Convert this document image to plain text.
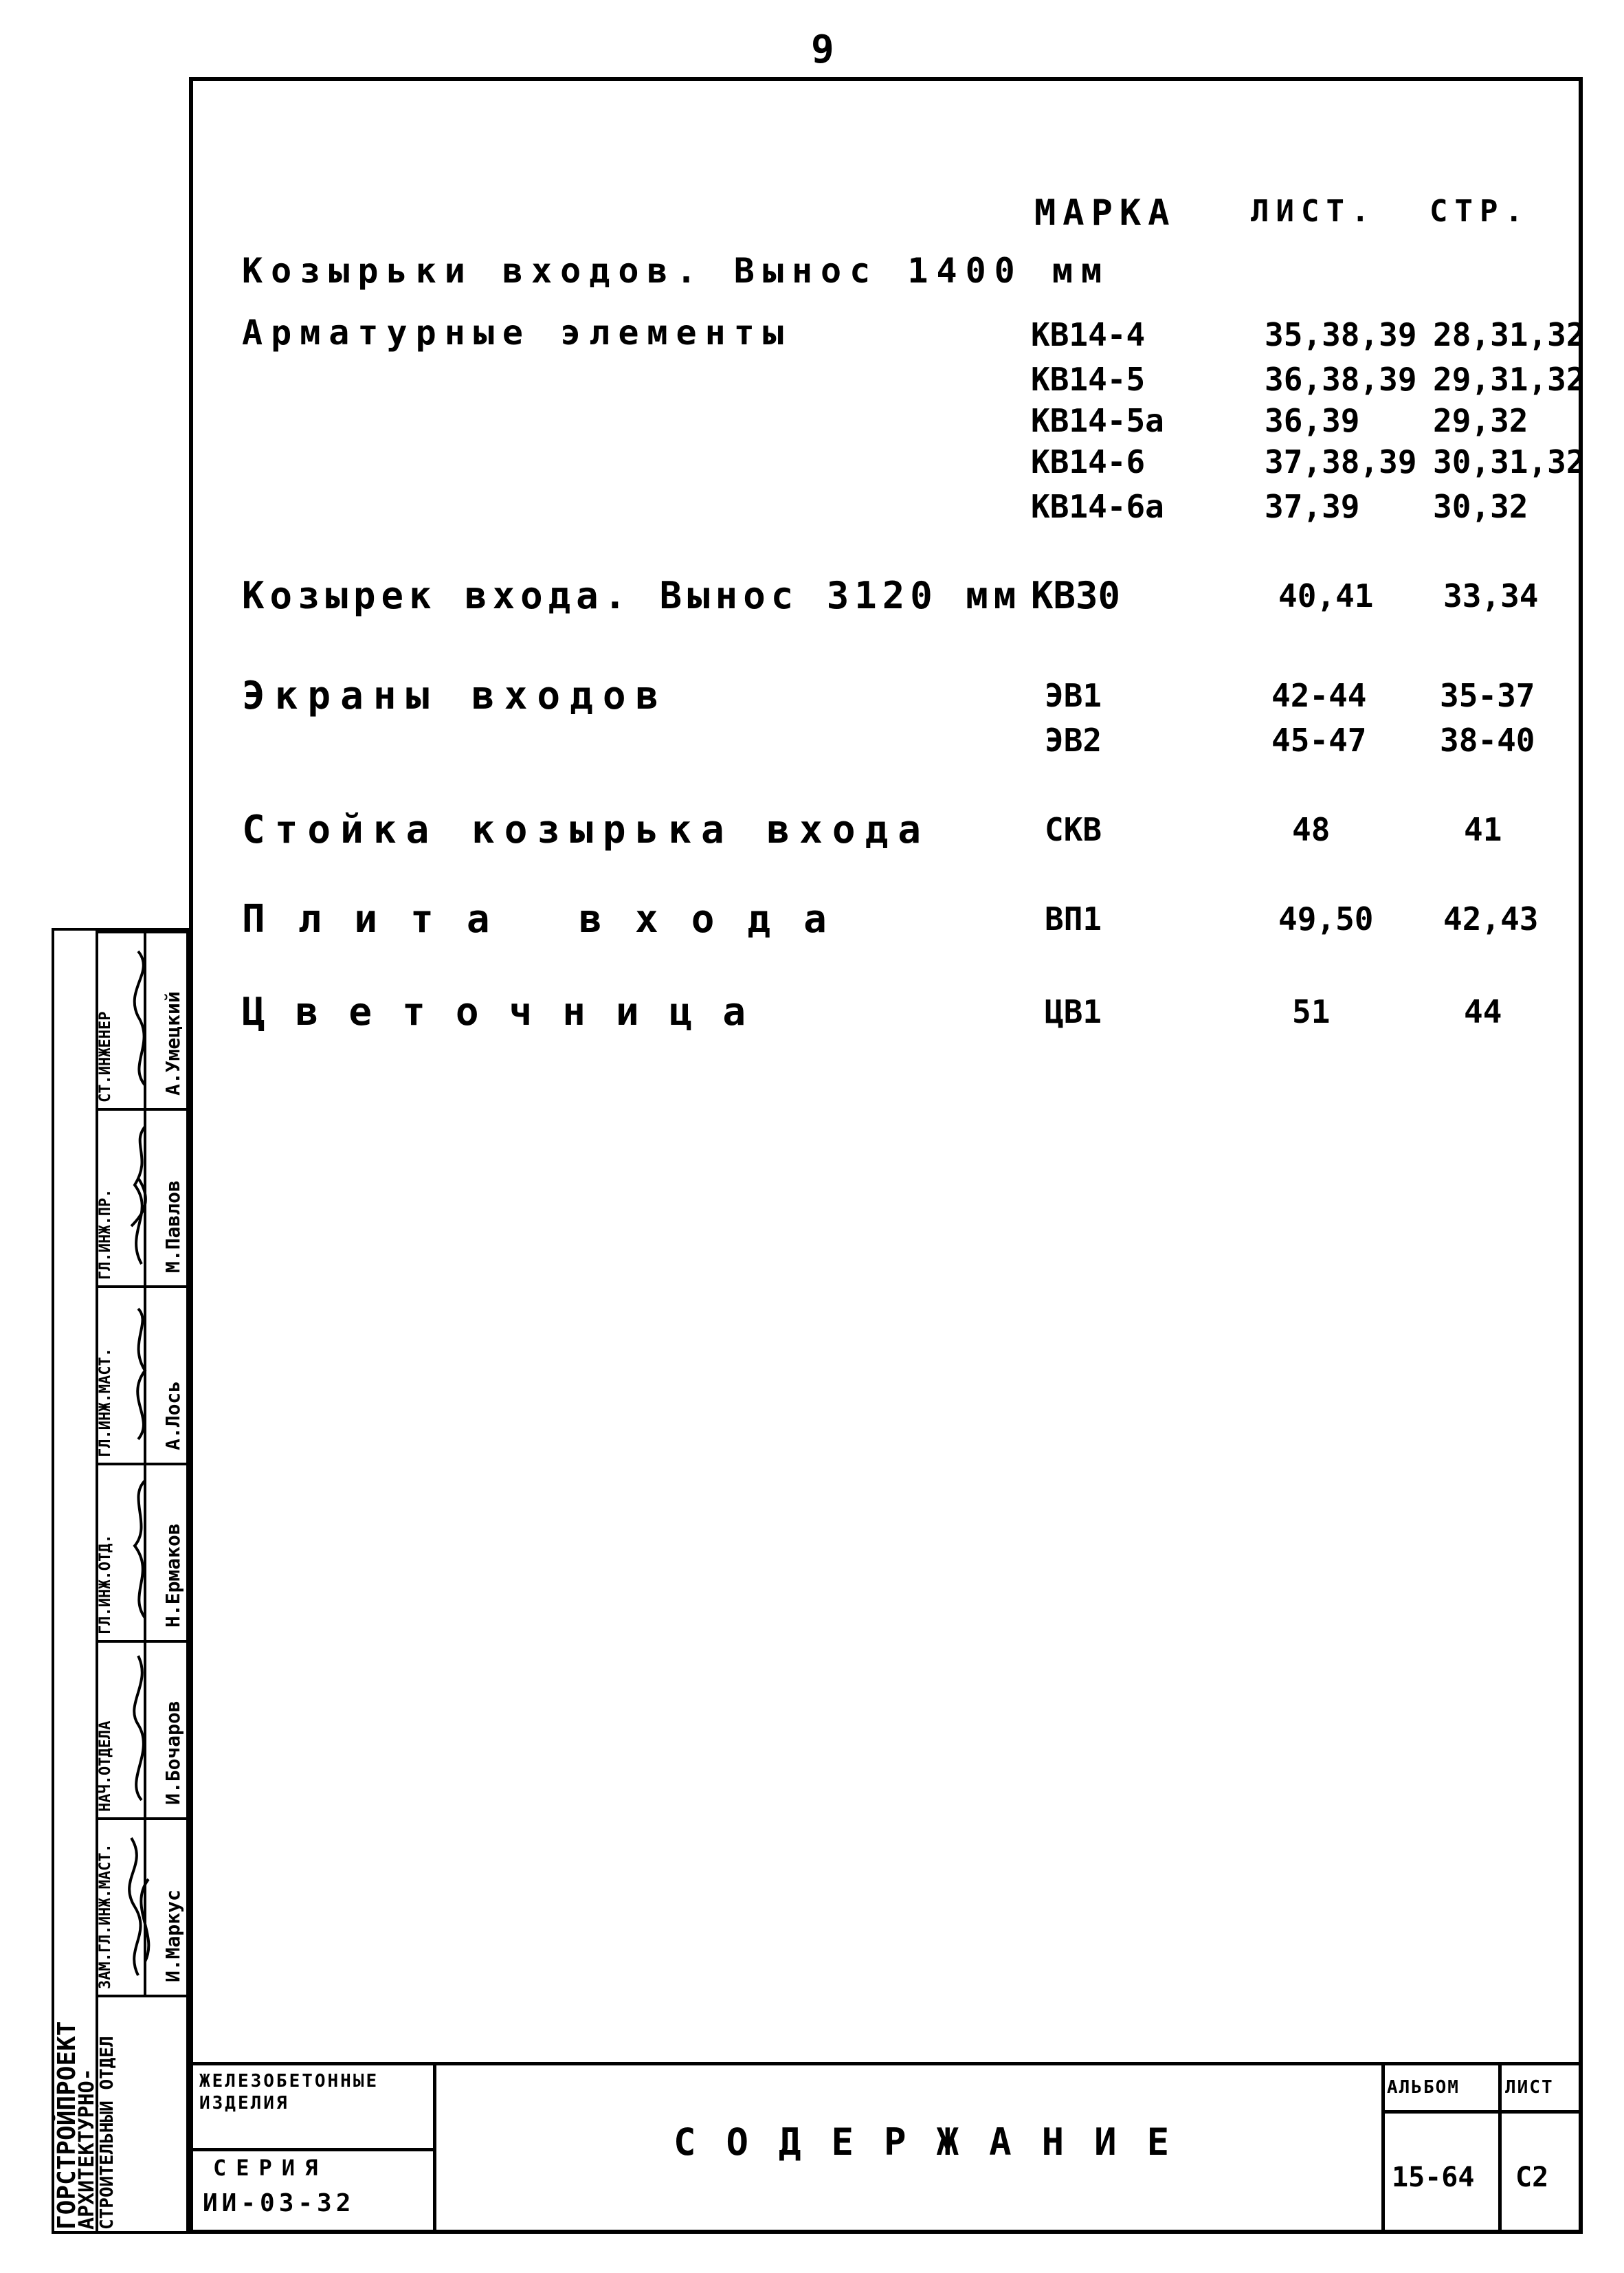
9
МАРКА ЛИСТ. СТР.
Козырьки входов. Вынос 1400 мм
Арматурные элементы	КВ14-4	35,38,39 28,31,32
КВ14-5	36,38,39 29,31,32
КВ14-5а	36,39 29,32
КВ14-6	37,38,39 30,31,32
КВ14-6а	37,39 30,32
Козырек входа. Вынос 3120 мм КВ30	40,41 33,34
Экраны входов	ЭВ1	42-44 35-37
ЭВ2	45-47 38-40
Стойка козырька входа	СКВ	48	41
Плита входа	ВП1	49,50 42,43
Цветочница	ЦВ1	51	44
ГОРСТРОЙПРОЕКТ
АРХИТЕКТУРНО-
СТРОИТЕЛЬНЫЙ ОТДЕЛ
ЗАМ.ГЛ.ИНЖ.МАСТ.
НАЧ.ОТДЕЛА
ГЛ.ИНЖ.ОТД.
ГЛ.ИНЖ.МАСТ.
ГЛ.ИНЖ.ПР.
СТ.ИНЖЕНЕР
И.Маркус
И.Бочаров
Н.Ермаков
А.Лось
М.Павлов
А.Умецкий
ЖЕЛЕЗОБЕТОННЫЕ ИЗДЕЛИЯ
СЕРИЯ
ИИ-03-32
СОДЕРЖАНИЕ
АЛЬБОМ
15-64
ЛИСТ
С2
